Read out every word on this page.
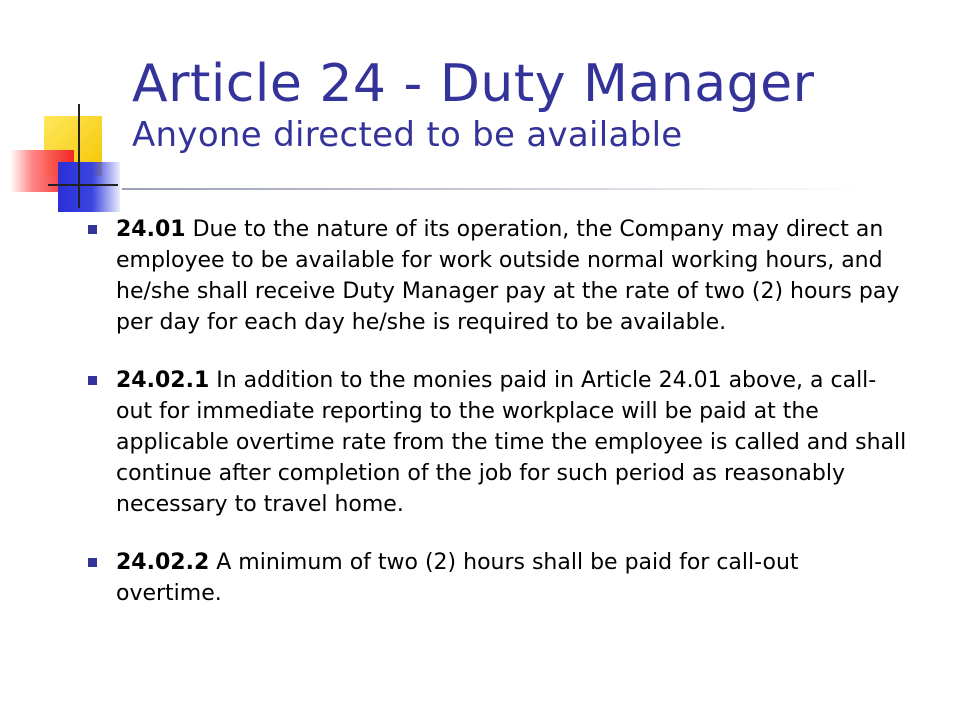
Article 24 - Duty Manager
Anyone directed to be available
24.01 Due to the nature of its operation, the Company may direct an employee to be available for work outside normal working hours, and he/she shall receive Duty Manager pay at the rate of two (2) hours pay per day for each day he/she is required to be available.
24.02.1 In addition to the monies paid in Article 24.01 above, a call-out for immediate reporting to the workplace will be paid at the applicable overtime rate from the time the employee is called and shall continue after completion of the job for such period as reasonably necessary to travel home.
24.02.2 A minimum of two (2) hours shall be paid for call-out overtime.
